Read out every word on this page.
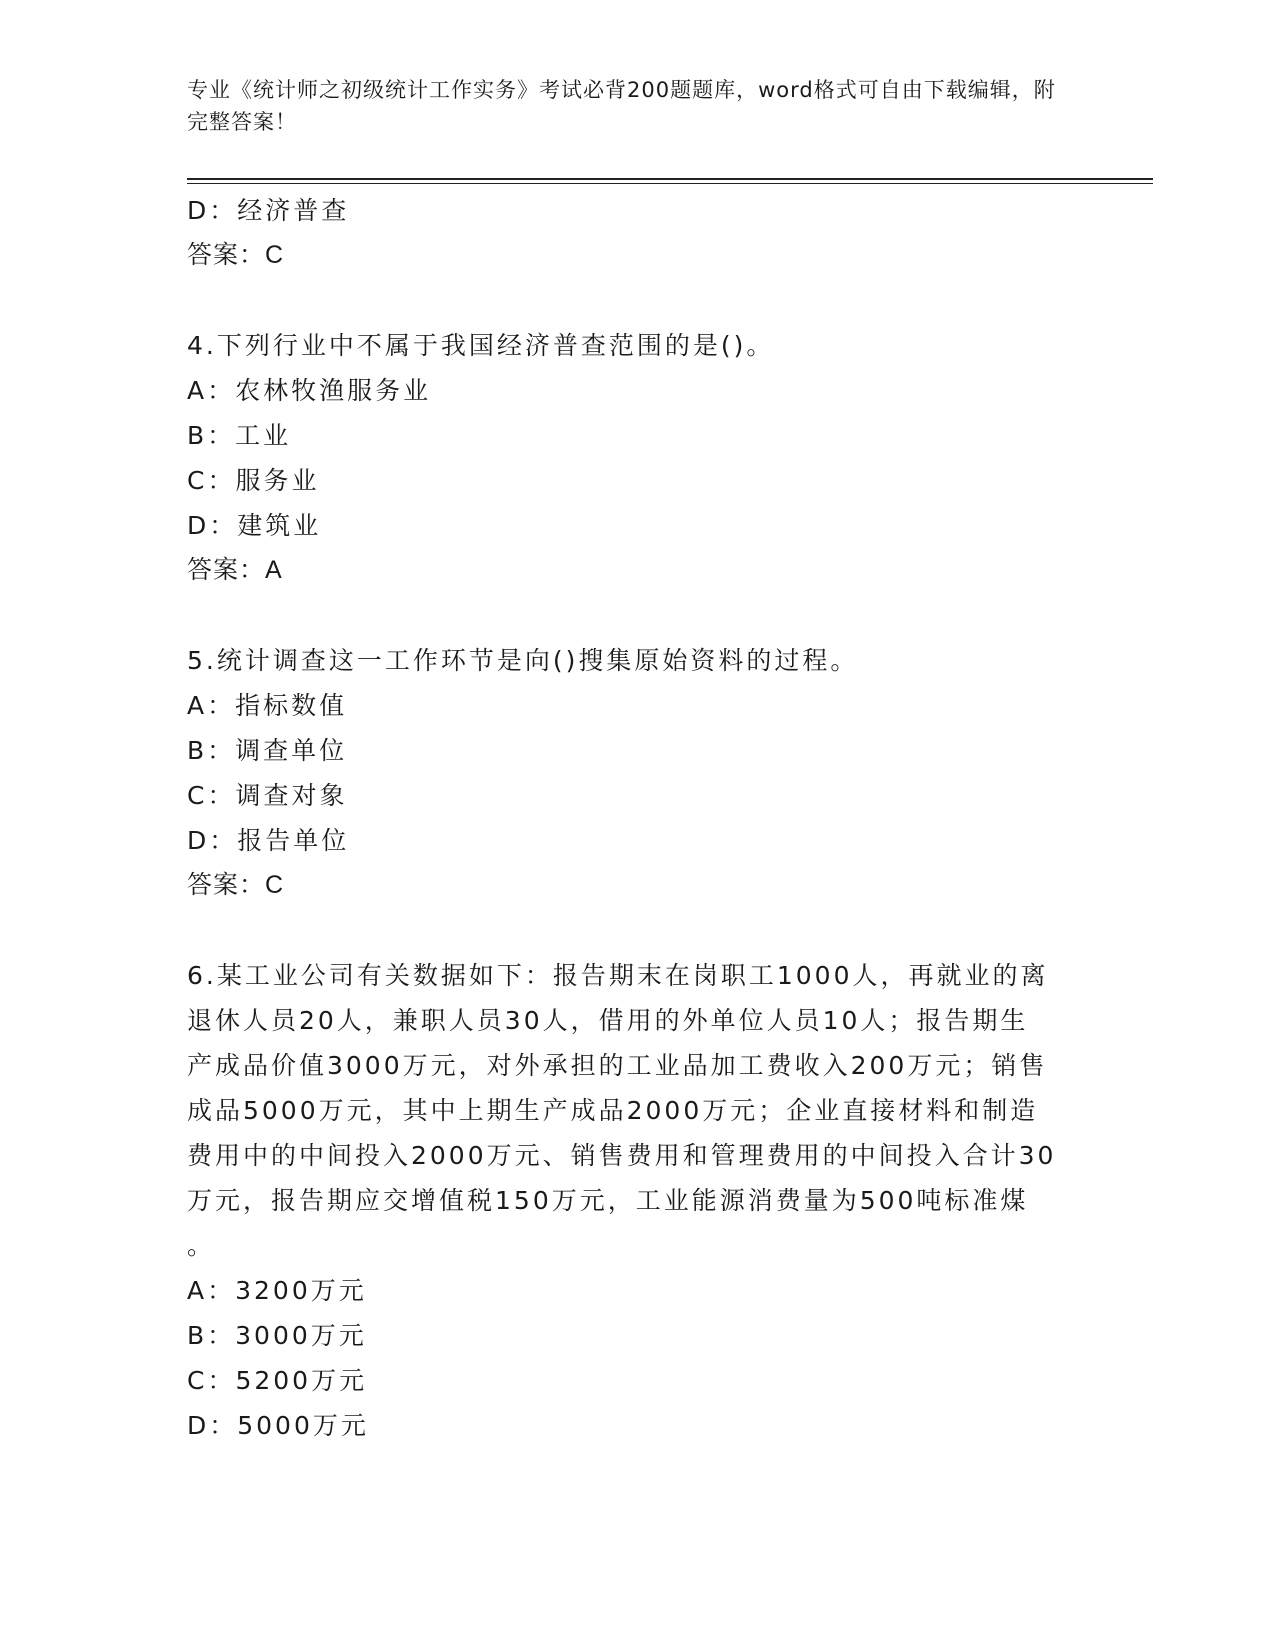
专业《统计师之初级统计工作实务》考试必背200题题库，word格式可自由下载编辑，附完整答案！
D：经济普查
答案：C
4.下列行业中不属于我国经济普查范围的是()。
A：农林牧渔服务业
B：工业
C：服务业
D：建筑业
答案：A
5.统计调查这一工作环节是向()搜集原始资料的过程。
A：指标数值
B：调查单位
C：调查对象
D：报告单位
答案：C
6.某工业公司有关数据如下：报告期末在岗职工1000人，再就业的离
退休人员20人，兼职人员30人，借用的外单位人员10人；报告期生
产成品价值3000万元，对外承担的工业品加工费收入200万元；销售
成品5000万元，其中上期生产成品2000万元；企业直接材料和制造
费用中的中间投入2000万元、销售费用和管理费用的中间投入合计30
万元，报告期应交增值税150万元，工业能源消费量为500吨标准煤
。
A：3200万元
B：3000万元
C：5200万元
D：5000万元
